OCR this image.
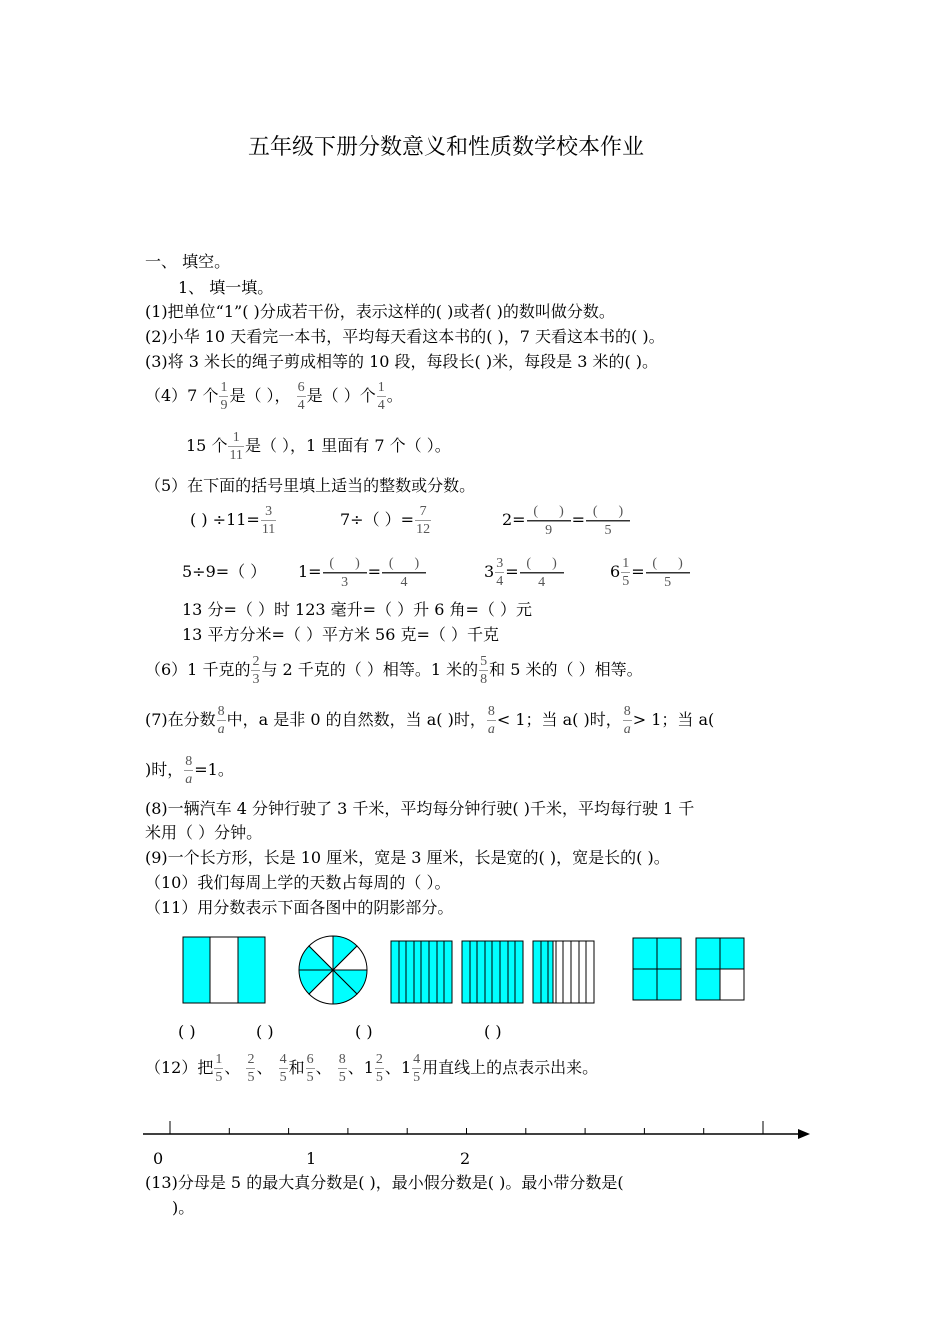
五年级下册分数意义和性质数学校本作业
一、 填空。
1、 填一填。
(1)把单位“1”( )分成若干份，表示这样的( )或者( )的数叫做分数。
(2)小华 10 天看完一本书，平均每天看这本书的( )，7 天看这本书的( )。
(3)将 3 米长的绳子剪成相等的 10 段，每段长( )米，每段是 3 米的( )。
（4）7 个 $\frac{1}{9}$ 是（ ）， $\frac{6}{4}$ 是（ ）个 $\frac{1}{4}$ 。
15 个 $\frac{1}{11}$ 是（ ），1 里面有 7 个（ ）。
（5）在下面的括号里填上适当的整数或分数。
( ) $\div 11= \frac{3}{11}$	7÷（ ）= $\frac{7}{12}$	$2= \frac{( )}{9} = \frac{( )}{5}$
5÷9=（ ） $1= \frac{( )}{3} = \frac{( )}{4}$	$3 \frac{3}{4} = \frac{( )}{4}$	$6 \frac{1}{5} = \frac{( )}{5}$
13 分=（ ）时 123 毫升=（ ）升 6 角=（ ）元
13 平方分米=（ ）平方米 56 克=（ ）千克
（6）1 千克的 $\frac{2}{3}$ 与 2 千克的（ ）相等。1 米的 $\frac{5}{8}$ 和 5 米的（ ）相等。
(7)在分数 $\frac{8}{a}$ 中，a 是非 0 的自然数，当 a( )时， $\frac{8}{a} < 1$；当 a( )时， $\frac{8}{a} > 1$；当 a(
)时， $\frac{8}{a} =1$。
(8)一辆汽车 4 分钟行驶了 3 千米，平均每分钟行驶( )千米，平均每行驶 1 千
米用（ ）分钟。
(9)一个长方形，长是 10 厘米，宽是 3 厘米，长是宽的( )，宽是长的( )。
（10）我们每周上学的天数占每周的（ ）。
（11）用分数表示下面各图中的阴影部分。
( )	( )	( )	( )
（12）把 $\frac{1}{5}$ 、 $\frac{2}{5}$ 、 $\frac{4}{5}$ 和 $\frac{6}{5}$ 、 $\frac{8}{5}$ 、$1 \frac{2}{5}$ 、$1 \frac{4}{5}$ 用直线上的点表示出来。
0	1	2
(13)分母是 5 的最大真分数是( )，最小假分数是( )。最小带分数是(
)。
